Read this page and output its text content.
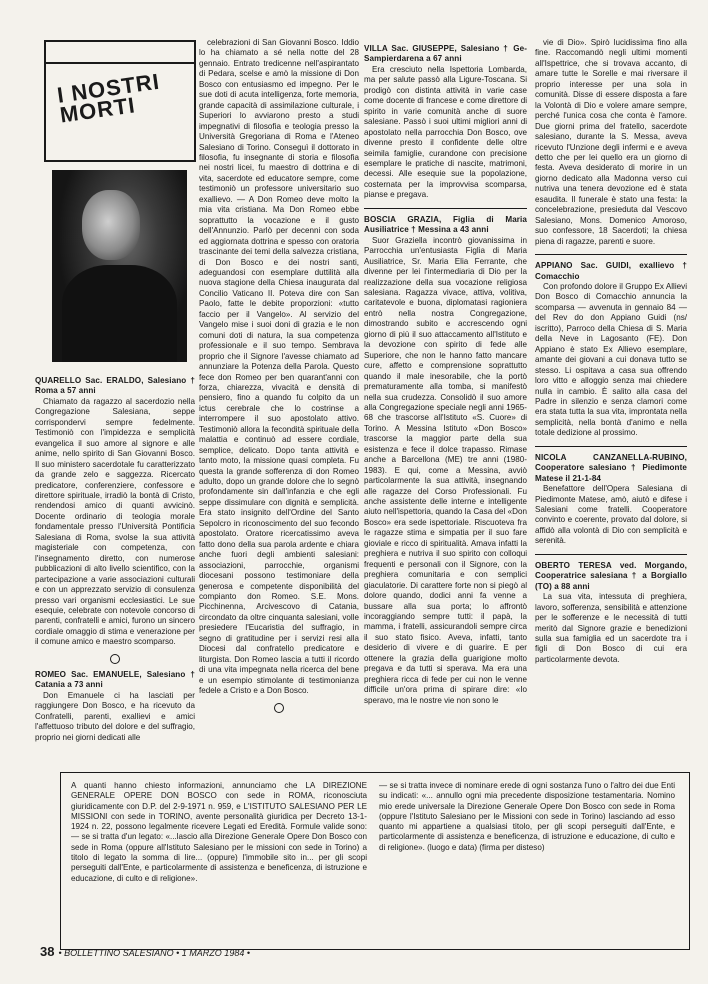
I NOSTRI MORTI

QUARELLO Sac. ERALDO, Salesiano † Roma a 57 anni

Chiamato da ragazzo al sacerdozio nella Congregazione Salesiana, seppe corrispondervi sempre fedelmente. Testimoniò con l'impidezza e semplicità evangelica il suo amore al signore e alle anime, nello spirito di San Giovanni Bosco. Il suo ministero sacerdotale fu caratterizzato da grande zelo e saggezza. Ricercato predicatore, conferenziere, confessore e direttore spirituale, irradiò la bontà di Cristo, rendendosi amico di quanti avvicinò. Docente ordinario di teologia morale fondamentale presso l'Università Pontificia Salesiana di Roma, svolse la sua attività magisteriale con competenza, con l'insegnamento diretto, con numerose pubblicazioni di alto livello scientifico, con la partecipazione a varie associazioni culturali e con un apprezzato servizio di consulenza presso vari organismi ecclesiastici. Le sue esequie, celebrate con notevole concorso di parenti, confratelli e amici, furono un sincero cordiale omaggio di stima e venerazione per il comune amico e maestro scomparso.

ROMEO Sac. EMANUELE, Salesiano † Catania a 73 anni

Don Emanuele ci ha lasciati per raggiungere Don Bosco, e ha ricevuto da Confratelli, parenti, exallievi e amici l'affettuoso tributo del dolore e del suffragio, proprio nei giorni dedicati alle

celebrazioni di San Giovanni Bosco. Iddio lo ha chiamato a sé nella notte del 28 gennaio. Entrato tredicenne nell'aspirantato di Pedara, scelse e amò la missione di Don Bosco con entusiasmo ed impegno. Per le sue doti di acuta intelligenza, forte memoria, grande capacità di assimilazione culturale, i Superiori lo avviarono presto a studi impegnativi di filosofia e teologia presso la Università Gregoriana di Roma e l'Ateneo Salesiano di Torino. Conseguì il dottorato in filosofia, fu insegnante di storia e filosofia nei nostri licei, fu maestro di dottrina e di vita, sacerdote ed educatore sempre, come testimoniò un professore universitario suo exallievo. — A Don Romeo deve molto la mia vita cristiana. Ma Don Romeo ebbe soprattutto la vocazione e il gusto dell'Annunzio. Parlò per decenni con soda ed aggiornata dottrina e spesso con oratoria trascinante dei temi della salvezza cristiana, di Don Bosco e dei nostri santi, adeguandosi con esemplare duttilità alla nuova stagione della Chiesa inaugurata dal Concilio Vaticano II. Poteva dire con San Paolo, fatte le debite proporzioni: «tutto faccio per il Vangelo». Al servizio del Vangelo mise i suoi doni di grazia e le non comuni doti di natura, la sua competenza professionale e il suo tempo. Sembrava proprio che il Signore l'avesse chiamato ad annunziare la Potenza della Parola. Questo fece don Romeo per ben quarant'anni con forza, chiarezza, vivacità e densità di pensiero, fino a quando fu colpito da un ictus cerebrale che lo costrinse a interrompere il suo apostolato attivo. Testimoniò allora la fecondità spirituale della malattia e continuò ad essere cordiale, semplice, delicato. Dopo tanta attività e tanto moto, la missione quasi completa. Fu questa la grande sofferenza di don Romeo adulto, dopo un grande dolore che lo segnò profondamente sin dall'infanzia e che egli seppe dissimulare con dignità e semplicità. Era stato insignito dell'Ordine del Santo Sepolcro in riconoscimento del suo fecondo apostolato. Oratore ricercatissimo aveva fatto dono della sua parola ardente e chiara anche fuori degli ambienti salesiani: associazioni, parrocchie, organismi diocesani possono testimoniare della generosa e competente disponibilità del compianto don Romeo. S.E. Mons. Picchinenna, Arcivescovo di Catania, circondato da oltre cinquanta salesiani, volle presiedere l'Eucaristia del suffragio, in segno di gratitudine per i servizi resi alla Diocesi dal confratello predicatore e liturgista. Don Romeo lascia a tutti il ricordo di una vita impegnata nella ricerca del bene e un esempio stimolante di testimonianza fedele a Cristo e a Don Bosco.

VILLA Sac. GIUSEPPE, Salesiano † Ge-Sampierdarena a 67 anni

Era cresciuto nella Ispettoria Lombarda, ma per salute passò alla Ligure-Toscana. Si prodigò con distinta attività in varie case come docente di francese e come direttore di spirito in varie comunità anche di suore salesiane. Passò i suoi ultimi migliori anni di apostolato nella parrocchia Don Bosco, ove divenne presto il confidente delle oltre seimila famiglie, curandone con precisione esemplare le pratiche di nascite, matrimoni, decessi. Alle esequie sue la popolazione, costernata per la improvvisa scomparsa, pianse e pregava.

BOSCIA GRAZIA, Figlia di Maria Ausiliatrice † Messina a 43 anni

Suor Graziella incontrò giovanissima in Parrocchia un'entusiasta Figlia di Maria Ausiliatrice, Sr. Maria Elia Ferrante, che divenne per lei l'intermediaria di Dio per la realizzazione della sua vocazione religiosa salesiana. Ragazza vivace, attiva, volitiva, caritatevole e buona, diplomatasi ragioniera entrò nella nostra Congregazione, dimostrando subito e accrescendo ogni giorno di più il suo attaccamento all'Istituto e la devozione con spirito di fede alle Superiore, che non le hanno fatto mancare cure, affetto e comprensione soprattutto quando il male inesorabile, che la portò prematuramente alla tomba, si manifestò nella sua crudezza. Consolidò il suo amore alla Congregazione speciale negli anni 1965-68 che trascorse all'Istituto «S. Cuore» di Torino. A Messina Istituto «Don Bosco» trascorse la maggior parte della sua esistenza e fece il dolce trapasso. Rimase anche a Barcellona (ME) tre anni (1980-1983). E qui, come a Messina, avviò particolarmente la sua attività, insegnando alle ragazze del Corso Professionali. Fu anche assistente delle interne e intelligente aiuto nell'ispettoria, quando la Casa del «Don Bosco» era sede ispettoriale. Riscuoteva fra le ragazze stima e simpatia per il suo fare gioviale e ricco di spiritualità. Amava infatti la preghiera e nutriva il suo spirito con colloqui frequenti e personali con il Signore, con la preghiera comunitaria e con semplici giaculatorie. Di carattere forte non si piegò al dolore quando, dodici anni fa venne a bussare alla sua porta; lo affrontò incoraggiando sempre tutti: il papà, la mamma, i fratelli, assicurandoli sempre circa il suo stato fisico. Aveva, infatti, tanto desiderio di vivere e di guarire. E per ottenere la grazia della guarigione molto pregava e da tutti si sperava. Ma era una preghiera ricca di fede per cui non le venne difficile un'ora prima di spirare dire: «Io speravo, ma le nostre vie non sono le

vie di Dio». Spirò lucidissima fino alla fine. Raccomandò negli ultimi momenti all'Ispettrice, che si trovava accanto, di amare tutte le Sorelle e mai riversare il proprio interesse per una sola in comunità. Disse di essere disposta a fare la Volontà di Dio e volere amare sempre, perché l'unica cosa che conta è l'amore. Due giorni prima del fratello, sacerdote salesiano, durante la S. Messa, aveva ricevuto l'Unzione degli infermi e e aveva detto che per lei quello era un giorno di festa. Aveva desiderato di morire in un giorno dedicato alla Madonna verso cui nutriva una tenera devozione ed è stata esaudita. Il funerale è stato una festa: la concelebrazione, presieduta dal Vescovo Salesiano, Mons. Domenico Amoroso, suo confessore, 18 Sacerdoti; la chiesa piena di ragazze, parenti e suore.

APPIANO Sac. GUIDI, exallievo † Comacchio

Con profondo dolore il Gruppo Ex Allievi Don Bosco di Comacchio annuncia la scomparsa — avvenuta in gennaio 84 — del Rev do don Appiano Guidi (ns/ iscritto), Parroco della Chiesa di S. Maria della Neve in Lagosanto (FE). Don Appiano è stato Ex Allievo esemplare, amante dei giovani a cui donava tutto se stesso. Li ospitava a casa sua offrendo loro vitto e alloggio senza mai chiedere nulla in cambio. È salito alla casa del Padre in silenzio e senza clamori come era stata tutta la sua vita, improntata nella semplicità, nella bontà d'animo e nella totale dedizione al prossimo.

NICOLA CANZANELLA-RUBINO, Cooperatore salesiano † Piedimonte Matese il 21-1-84

Benefattore dell'Opera Salesiana di Piedimonte Matese, amò, aiutò e difese i Salesiani come fratelli. Cooperatore convinto e coerente, provato dal dolore, si affidò alla volontà di Dio con semplicità e serenità.

OBERTO TERESA ved. Morgando, Cooperatrice salesiana † a Borgiallo (TO) a 88 anni

La sua vita, intessuta di preghiera, lavoro, sofferenza, sensibilità e attenzione per le sofferenze e le necessità di tutti meritò dal Signore grazie e benedizioni sulla sua famiglia ed un sacerdote tra i figli di Don Bosco di cui era particolarmente devota.

A quanti hanno chiesto informazioni, annunciamo che LA DIREZIONE GENERALE OPERE DON BOSCO con sede in ROMA, riconosciuta giuridicamente con D.P. del 2-9-1971 n. 959, e L'ISTITUTO SALESIANO PER LE MISSIONI con sede in TORINO, avente personalità giuridica per Decreto 13-1-1924 n. 22, possono legalmente ricevere Legati ed Eredità. Formule valide sono: — se si tratta d'un legato: «...lascio alla Direzione Generale Opere Don Bosco con sede in Roma (oppure all'Istituto Salesiano per le missioni con sede in Torino) a titolo di legato la somma di lire... (oppure) l'immobile sito in... per gli scopi perseguiti dall'Ente, e particolarmente di assistenza e beneficenza, di istruzione e educazione, di culto e di religione».

— se si tratta invece di nominare erede di ogni sostanza l'uno o l'altro dei due Enti su indicati: «... annullo ogni mia precedente disposizione testamentaria. Nomino mio erede universale la Direzione Generale Opere Don Bosco con sede in Roma (oppure l'Istituto Salesiano per le Missioni con sede in Torino) lasciando ad esso quanto mi appartiene a qualsiasi titolo, per gli scopi perseguiti dall'Ente, e particolarmente di assistenza e beneficenza, di istruzione e educazione, di culto e di religione». (luogo e data) (firma per disteso)

38 • BOLLETTINO SALESIANO • 1 MARZO 1984 •
